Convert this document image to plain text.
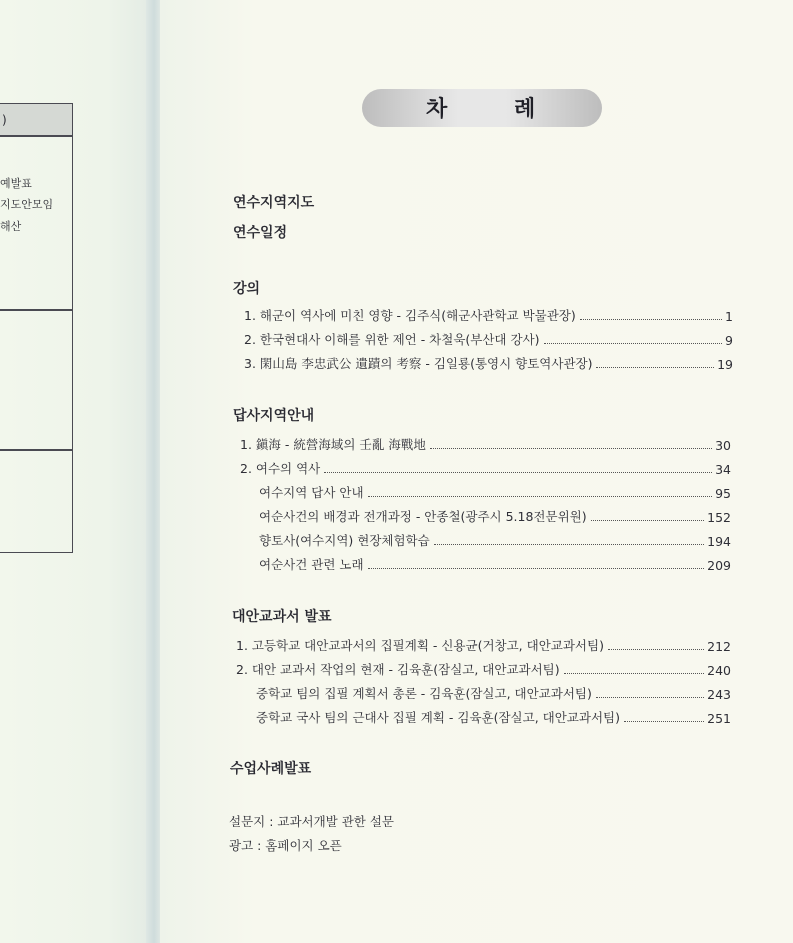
)
예발표
지도안모임
해산
차	례
연수지역지도
연수일정
강의
1. 해군이 역사에 미친 영향 - 김주식(해군사관학교 박물관장)	1
2. 한국현대사 이해를 위한 제언 - 차철욱(부산대 강사)	9
3. 閑山島 李忠武公 遺蹟의 考察 - 김일룡(통영시 향토역사관장)	19
답사지역안내
1. 鎭海 - 統營海域의 壬亂 海戰地	30
2. 여수의 역사	34
여수지역 답사 안내	95
여순사건의 배경과 전개과정 - 안종철(광주시 5.18전문위원)	152
향토사(여수지역) 현장체험학습	194
여순사건 관련 노래	209
대안교과서 발표
1. 고등학교 대안교과서의 집필계획 - 신용균(거창고, 대안교과서팀)	212
2. 대안 교과서 작업의 현재 - 김육훈(잠실고, 대안교과서팀)	240
중학교 팀의 집필 계획서 총론 - 김육훈(잠실고, 대안교과서팀)	243
중학교 국사 팀의 근대사 집필 계획 - 김육훈(잠실고, 대안교과서팀)	251
수업사례발표
설문지 : 교과서개발 관한 설문
광고 : 홈페이지 오픈
